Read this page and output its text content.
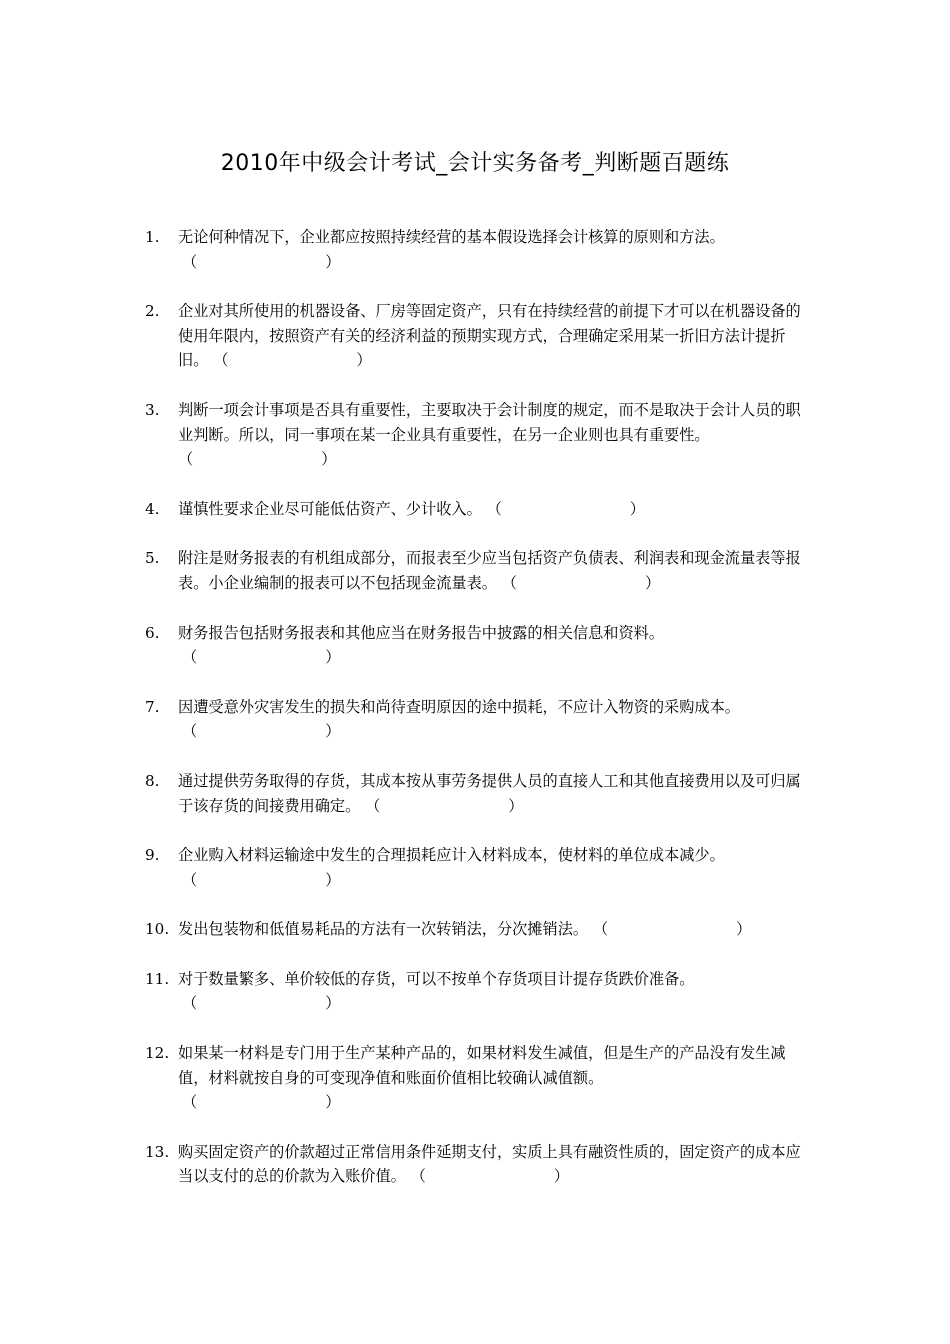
2010年中级会计考试_会计实务备考_判断题百题练
1.	无论何种情况下，企业都应按照持续经营的基本假设选择会计核算的原则和方法。
（	）
2.	企业对其所使用的机器设备、厂房等固定资产，只有在持续经营的前提下才可以在机器设备的使用年限内，按照资产有关的经济利益的预期实现方式，合理确定采用某一折旧方法计提折旧。 （	）
3.	判断一项会计事项是否具有重要性，主要取决于会计制度的规定，而不是取决于会计人员的职业判断。所以，同一事项在某一企业具有重要性，在另一企业则也具有重要性。 （	）
4.	谨慎性要求企业尽可能低估资产、少计收入。 （	）
5.	附注是财务报表的有机组成部分，而报表至少应当包括资产负债表、利润表和现金流量表等报表。小企业编制的报表可以不包括现金流量表。 （	）
6.	财务报告包括财务报表和其他应当在财务报告中披露的相关信息和资料。
（	）
7.	因遭受意外灾害发生的损失和尚待查明原因的途中损耗，不应计入物资的采购成本。
（	）
8.	通过提供劳务取得的存货，其成本按从事劳务提供人员的直接人工和其他直接费用以及可归属于该存货的间接费用确定。 （	）
9.	企业购入材料运输途中发生的合理损耗应计入材料成本，使材料的单位成本减少。
（	）
10. 发出包装物和低值易耗品的方法有一次转销法，分次摊销法。 （	）
11. 对于数量繁多、单价较低的存货，可以不按单个存货项目计提存货跌价准备。
（	）
12. 如果某一材料是专门用于生产某种产品的，如果材料发生减值，但是生产的产品没有发生减值，材料就按自身的可变现净值和账面价值相比较确认减值额。
（	）
13. 购买固定资产的价款超过正常信用条件延期支付，实质上具有融资性质的，固定资产的成本应当以支付的总的价款为入账价值。 （	）
